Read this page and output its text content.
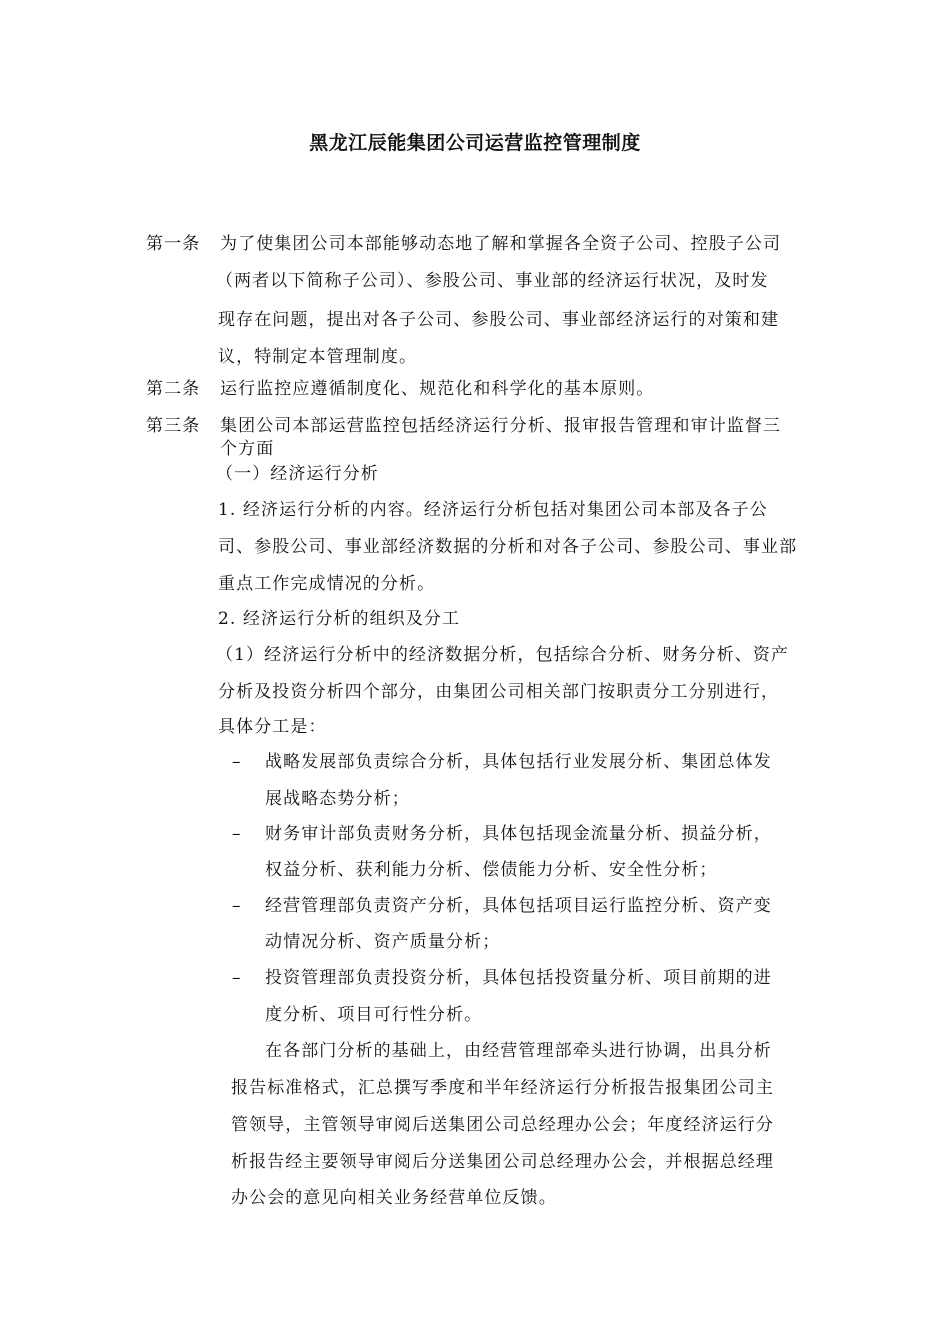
黑龙江辰能集团公司运营监控管理制度
第一条 为了使集团公司本部能够动态地了解和掌握各全资子公司、控股子公司
（两者以下简称子公司）、参股公司、事业部的经济运行状况，及时发
现存在问题，提出对各子公司、参股公司、事业部经济运行的对策和建
议，特制定本管理制度。
第二条 运行监控应遵循制度化、规范化和科学化的基本原则。
第三条 集团公司本部运营监控包括经济运行分析、报审报告管理和审计监督三
个方面
（一）经济运行分析
1. 经济运行分析的内容。经济运行分析包括对集团公司本部及各子公
司、参股公司、事业部经济数据的分析和对各子公司、参股公司、事业部
重点工作完成情况的分析。
2. 经济运行分析的组织及分工
（1）经济运行分析中的经济数据分析，包括综合分析、财务分析、资产
分析及投资分析四个部分，由集团公司相关部门按职责分工分别进行，
具体分工是：
– 战略发展部负责综合分析，具体包括行业发展分析、集团总体发
展战略态势分析；
– 财务审计部负责财务分析，具体包括现金流量分析、损益分析，
权益分析、获利能力分析、偿债能力分析、安全性分析；
– 经营管理部负责资产分析，具体包括项目运行监控分析、资产变
动情况分析、资产质量分析；
– 投资管理部负责投资分析，具体包括投资量分析、项目前期的进
度分析、项目可行性分析。
在各部门分析的基础上，由经营管理部牵头进行协调，出具分析
报告标准格式，汇总撰写季度和半年经济运行分析报告报集团公司主
管领导，主管领导审阅后送集团公司总经理办公会；年度经济运行分
析报告经主要领导审阅后分送集团公司总经理办公会，并根据总经理
办公会的意见向相关业务经营单位反馈。
